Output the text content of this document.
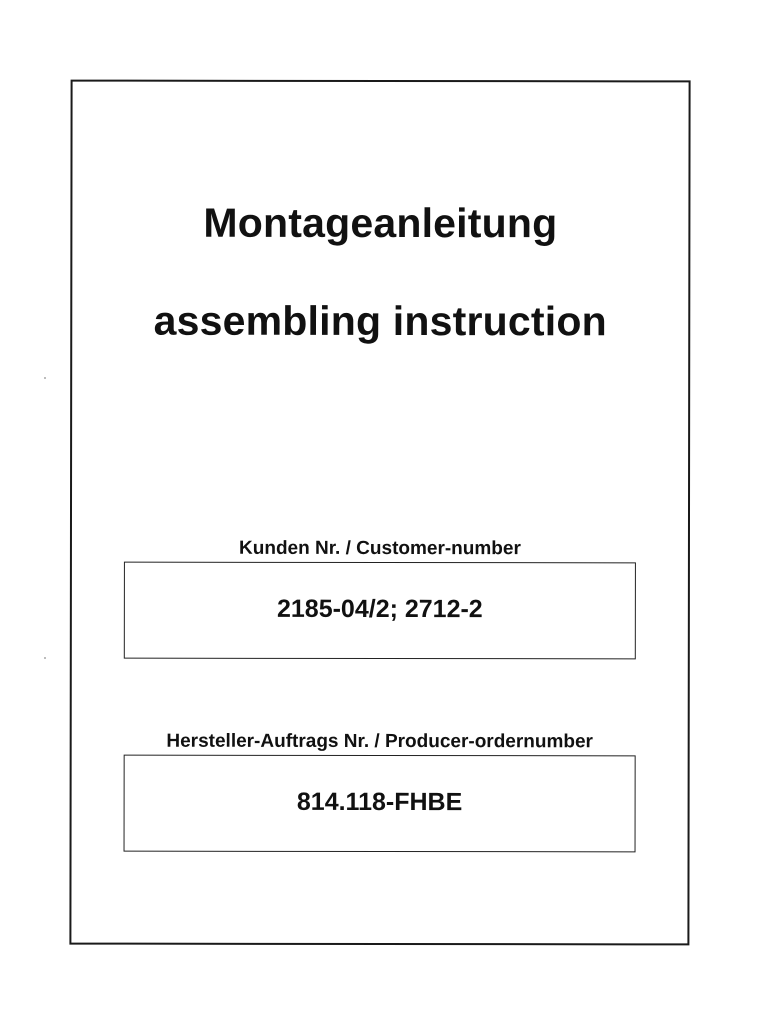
Montageanleitung
assembling instruction
Kunden Nr. / Customer-number
2185-04/2; 2712-2
Hersteller-Auftrags Nr. / Producer-ordernumber
814.118-FHBE
